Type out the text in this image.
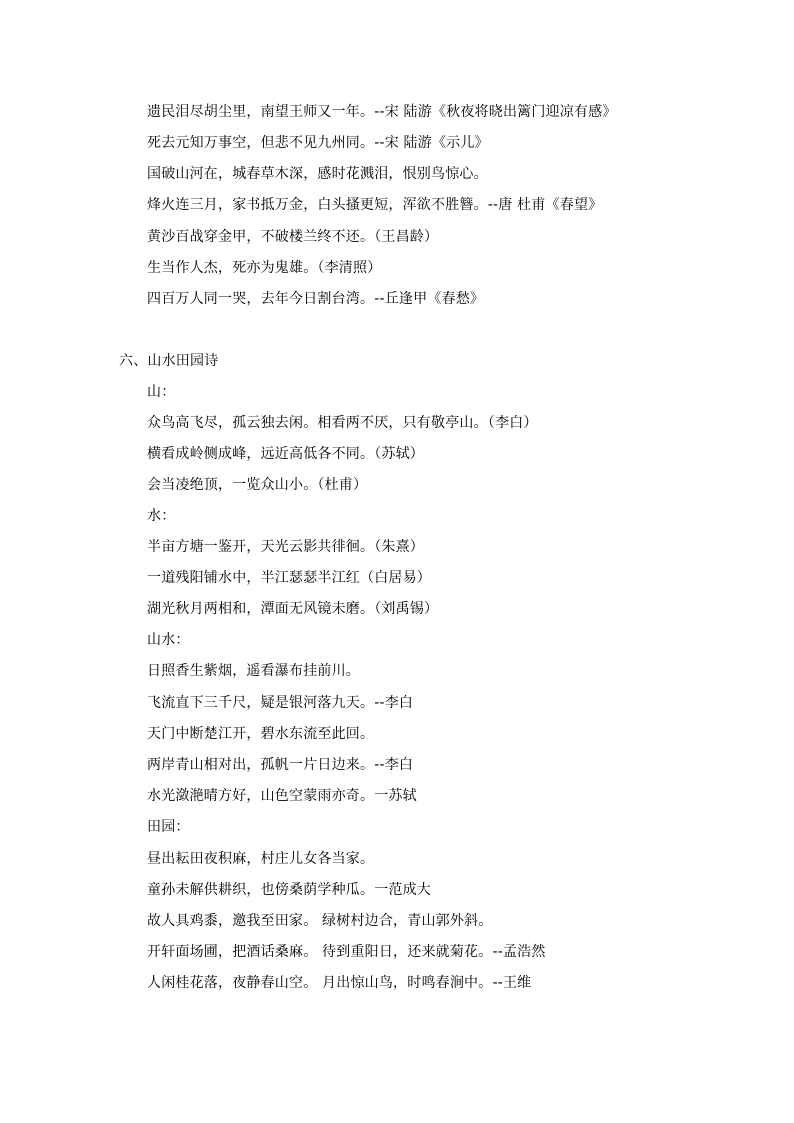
遗民泪尽胡尘里，南望王师又一年。--宋 陆游《秋夜将晓出篱门迎凉有感》
死去元知万事空，但悲不见九州同。--宋 陆游《示儿》
国破山河在，城春草木深，感时花溅泪，恨别鸟惊心。
烽火连三月，家书抵万金，白头搔更短，浑欲不胜簪。--唐 杜甫《春望》
黄沙百战穿金甲，不破楼兰终不还。（王昌龄）
生当作人杰，死亦为鬼雄。（李清照）
四百万人同一哭，去年今日割台湾。--丘逢甲《春愁》
六、山水田园诗
山：
众鸟高飞尽，孤云独去闲。相看两不厌，只有敬亭山。（李白）
横看成岭侧成峰，远近高低各不同。（苏轼）
会当凌绝顶，一览众山小。（杜甫）
水：
半亩方塘一鉴开，天光云影共徘徊。（朱熹）
一道残阳铺水中，半江瑟瑟半江红（白居易）
湖光秋月两相和，潭面无风镜未磨。（刘禹锡）
山水：
日照香生紫烟，遥看瀑布挂前川。
飞流直下三千尺，疑是银河落九天。--李白
天门中断楚江开，碧水东流至此回。
两岸青山相对出，孤帆一片日边来。--李白
水光潋滟晴方好，山色空蒙雨亦奇。一苏轼
田园：
昼出耘田夜积麻，村庄儿女各当家。
童孙未解供耕织，也傍桑荫学种瓜。一范成大
故人具鸡黍，邀我至田家。 绿树村边合，青山郭外斜。
开轩面场圃，把酒话桑麻。 待到重阳日，还来就菊花。--孟浩然
人闲桂花落，夜静春山空。 月出惊山鸟，时鸣春涧中。--王维
